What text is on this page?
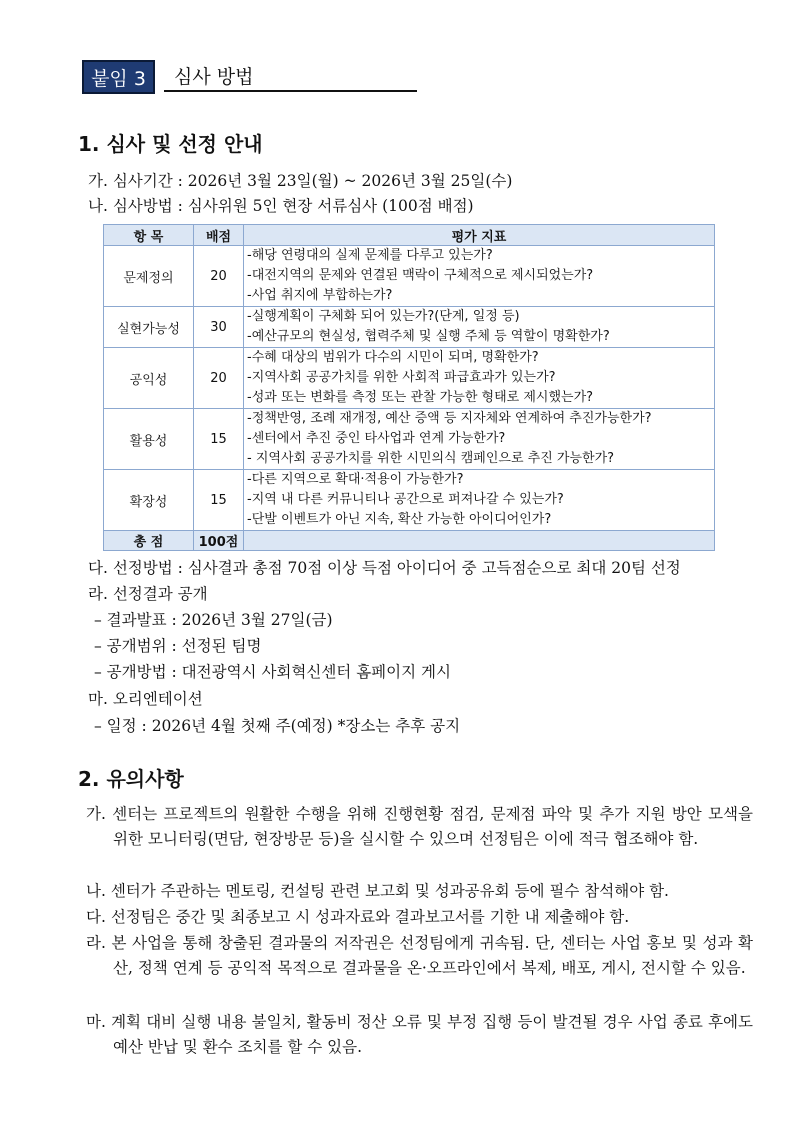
붙임 3	심사 방법
1. 심사 및 선정 안내
가. 심사기간 : 2026년 3월 23일(월) ~ 2026년 3월 25일(수)
나. 심사방법 : 심사위원 5인 현장 서류심사 (100점 배점)
항 목	배점	평가 지표
문제정의	20	-해당 연령대의 실제 문제를 다루고 있는가?
-대전지역의 문제와 연결된 맥락이 구체적으로 제시되었는가?
-사업 취지에 부합하는가?

실현가능성	30	-실행계획이 구체화 되어 있는가?(단계, 일정 등)
-예산규모의 현실성, 협력주체 및 실행 주체 등 역할이 명확한가?

공익성	20	-수혜 대상의 범위가 다수의 시민이 되며, 명확한가?
-지역사회 공공가치를 위한 사회적 파급효과가 있는가?
-성과 또는 변화를 측정 또는 관찰 가능한 형태로 제시했는가?

활용성	15	-정책반영, 조례 재개정, 예산 증액 등 지자체와 연계하여 추진가능한가?
-센터에서 추진 중인 타사업과 연계 가능한가?
- 지역사회 공공가치를 위한 시민의식 캠페인으로 추진 가능한가?

확장성	15	-다른 지역으로 확대·적용이 가능한가?
-지역 내 다른 커뮤니티나 공간으로 퍼져나갈 수 있는가?
-단발 이벤트가 아닌 지속, 확산 가능한 아이디어인가?

총 점	100점	
다. 선정방법 : 심사결과 총점 70점 이상 득점 아이디어 중 고득점순으로 최대 20팀 선정
라. 선정결과 공개
– 결과발표 : 2026년 3월 27일(금)
– 공개범위 : 선정된 팀명
– 공개방법 : 대전광역시 사회혁신센터 홈페이지 게시
마. 오리엔테이션
– 일정 : 2026년 4월 첫째 주(예정) *장소는 추후 공지
2. 유의사항
가. 센터는 프로젝트의 원활한 수행을 위해 진행현황 점검, 문제점 파악 및 추가 지원 방안 모색을 위한 모니터링(면담, 현장방문 등)을 실시할 수 있으며 선정팀은 이에 적극 협조해야 함.
나. 센터가 주관하는 멘토링, 컨설팅 관련 보고회 및 성과공유회 등에 필수 참석해야 함.
다. 선정팀은 중간 및 최종보고 시 성과자료와 결과보고서를 기한 내 제출해야 함.
라. 본 사업을 통해 창출된 결과물의 저작권은 선정팀에게 귀속됨. 단, 센터는 사업 홍보 및 성과 확산, 정책 연계 등 공익적 목적으로 결과물을 온·오프라인에서 복제, 배포, 게시, 전시할 수 있음.
마. 계획 대비 실행 내용 불일치, 활동비 정산 오류 및 부정 집행 등이 발견될 경우 사업 종료 후에도 예산 반납 및 환수 조치를 할 수 있음.
